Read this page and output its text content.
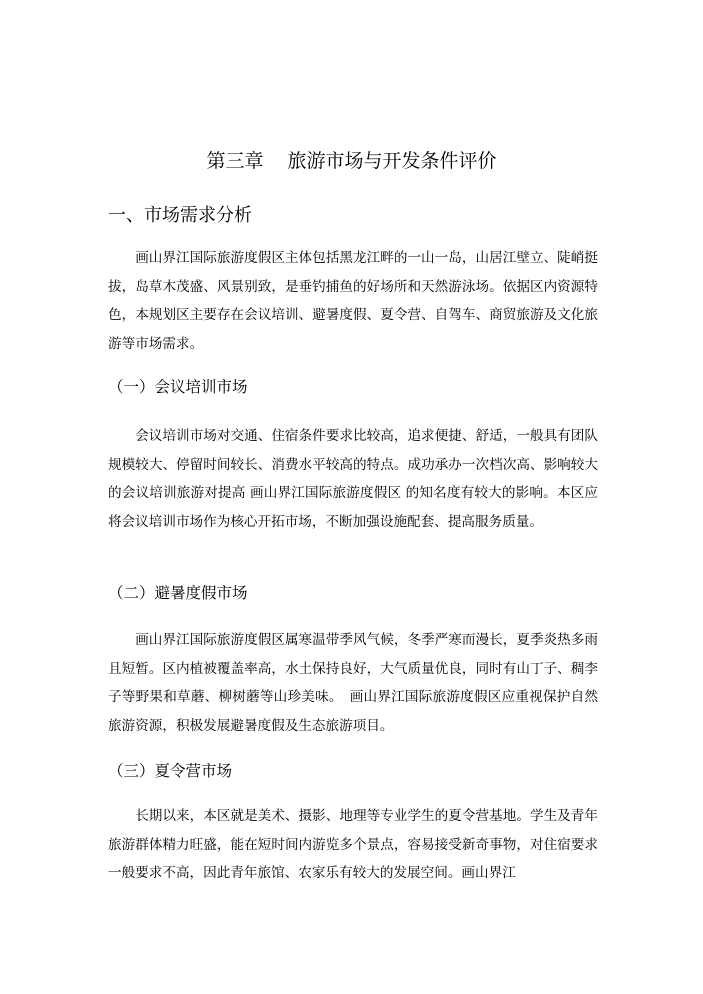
第三章 旅游市场与开发条件评价
一、市场需求分析

画山界江国际旅游度假区主体包括黑龙江畔的一山一岛，山居江壁立、陡峭挺拔，岛草木茂盛、风景别致，是垂钓捕鱼的好场所和天然游泳场。依据区内资源特色，本规划区主要存在会议培训、避暑度假、夏令营、自驾车、商贸旅游及文化旅游等市场需求。

（一）会议培训市场

会议培训市场对交通、住宿条件要求比较高，追求便捷、舒适，一般具有团队规模较大、停留时间较长、消费水平较高的特点。成功承办一次档次高、影响较大的会议培训旅游对提高 画山界江国际旅游度假区 的知名度有较大的影响。本区应将会议培训市场作为核心开拓市场，不断加强设施配套、提高服务质量。

（二）避暑度假市场

画山界江国际旅游度假区属寒温带季风气候，冬季严寒而漫长，夏季炎热多雨且短暂。区内植被覆盖率高，水土保持良好，大气质量优良，同时有山丁子、稠李子等野果和草蘑、柳树蘑等山珍美味。　画山界江国际旅游度假区应重视保护自然旅游资源，积极发展避暑度假及生态旅游项目。

（三）夏令营市场

长期以来，本区就是美术、摄影、地理等专业学生的夏令营基地。学生及青年旅游群体精力旺盛，能在短时间内游览多个景点，容易接受新奇事物，对住宿要求一般要求不高，因此青年旅馆、农家乐有较大的发展空间。画山界江
